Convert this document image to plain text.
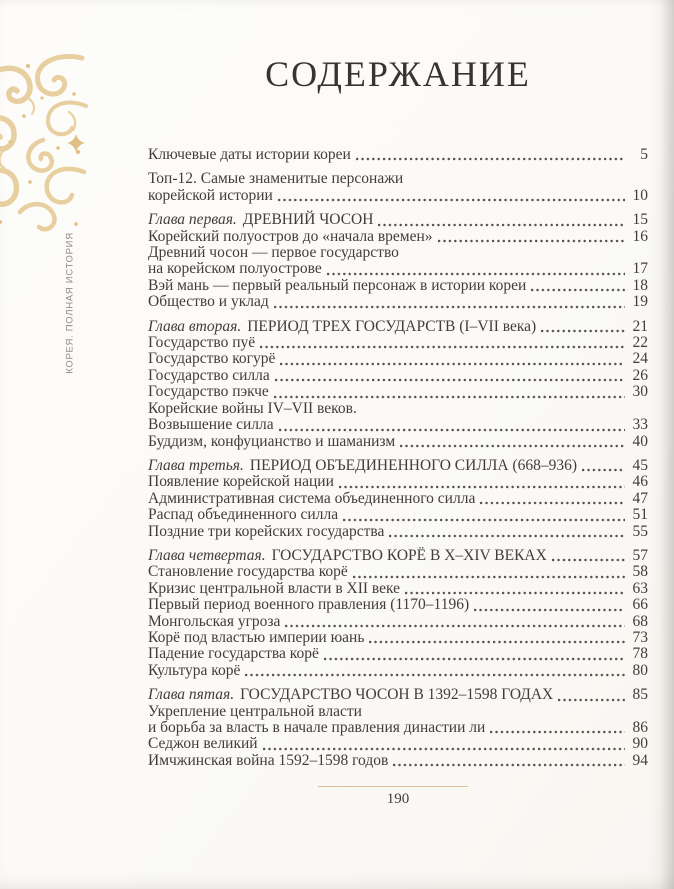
КОРЕЯ. ПОЛНАЯ ИСТОРИЯ
СОДЕРЖАНИЕ
Ключевые даты истории кореи	5
Топ-12. Самые знаменитые персонажи
корейской истории	10
Глава первая. ДРЕВНИЙ ЧОСОН	15
Корейский полуостров до «начала времен»	16
Древний чосон — первое государство
на корейском полуострове	17
Вэй мань — первый реальный персонаж в истории кореи	18
Общество и уклад	19
Глава вторая. ПЕРИОД ТРЕХ ГОСУДАРСТВ (I–VII века)	21
Государство пуё	22
Государство когурё	24
Государство силла	26
Государство пэкче	30
Корейские войны IV–VII веков.
Возвышение силла	33
Буддизм, конфуцианство и шаманизм	40
Глава третья. ПЕРИОД ОБЪЕДИНЕННОГО СИЛЛА (668–936)	45
Появление корейской нации	46
Административная система объединенного силла	47
Распад объединенного силла	51
Поздние три корейских государства	55
Глава четвертая. ГОСУДАРСТВО КОРЁ В X–XIV ВЕКАХ	57
Становление государства корё	58
Кризис центральной власти в XII веке	63
Первый период военного правления (1170–1196)	66
Монгольская угроза	68
Корё под властью империи юань	73
Падение государства корё	78
Культура корё	80
Глава пятая. ГОСУДАРСТВО ЧОСОН В 1392–1598 ГОДАХ	85
Укрепление центральной власти
и борьба за власть в начале правления династии ли	86
Седжон великий	90
Имчжинская война 1592–1598 годов	94
190
